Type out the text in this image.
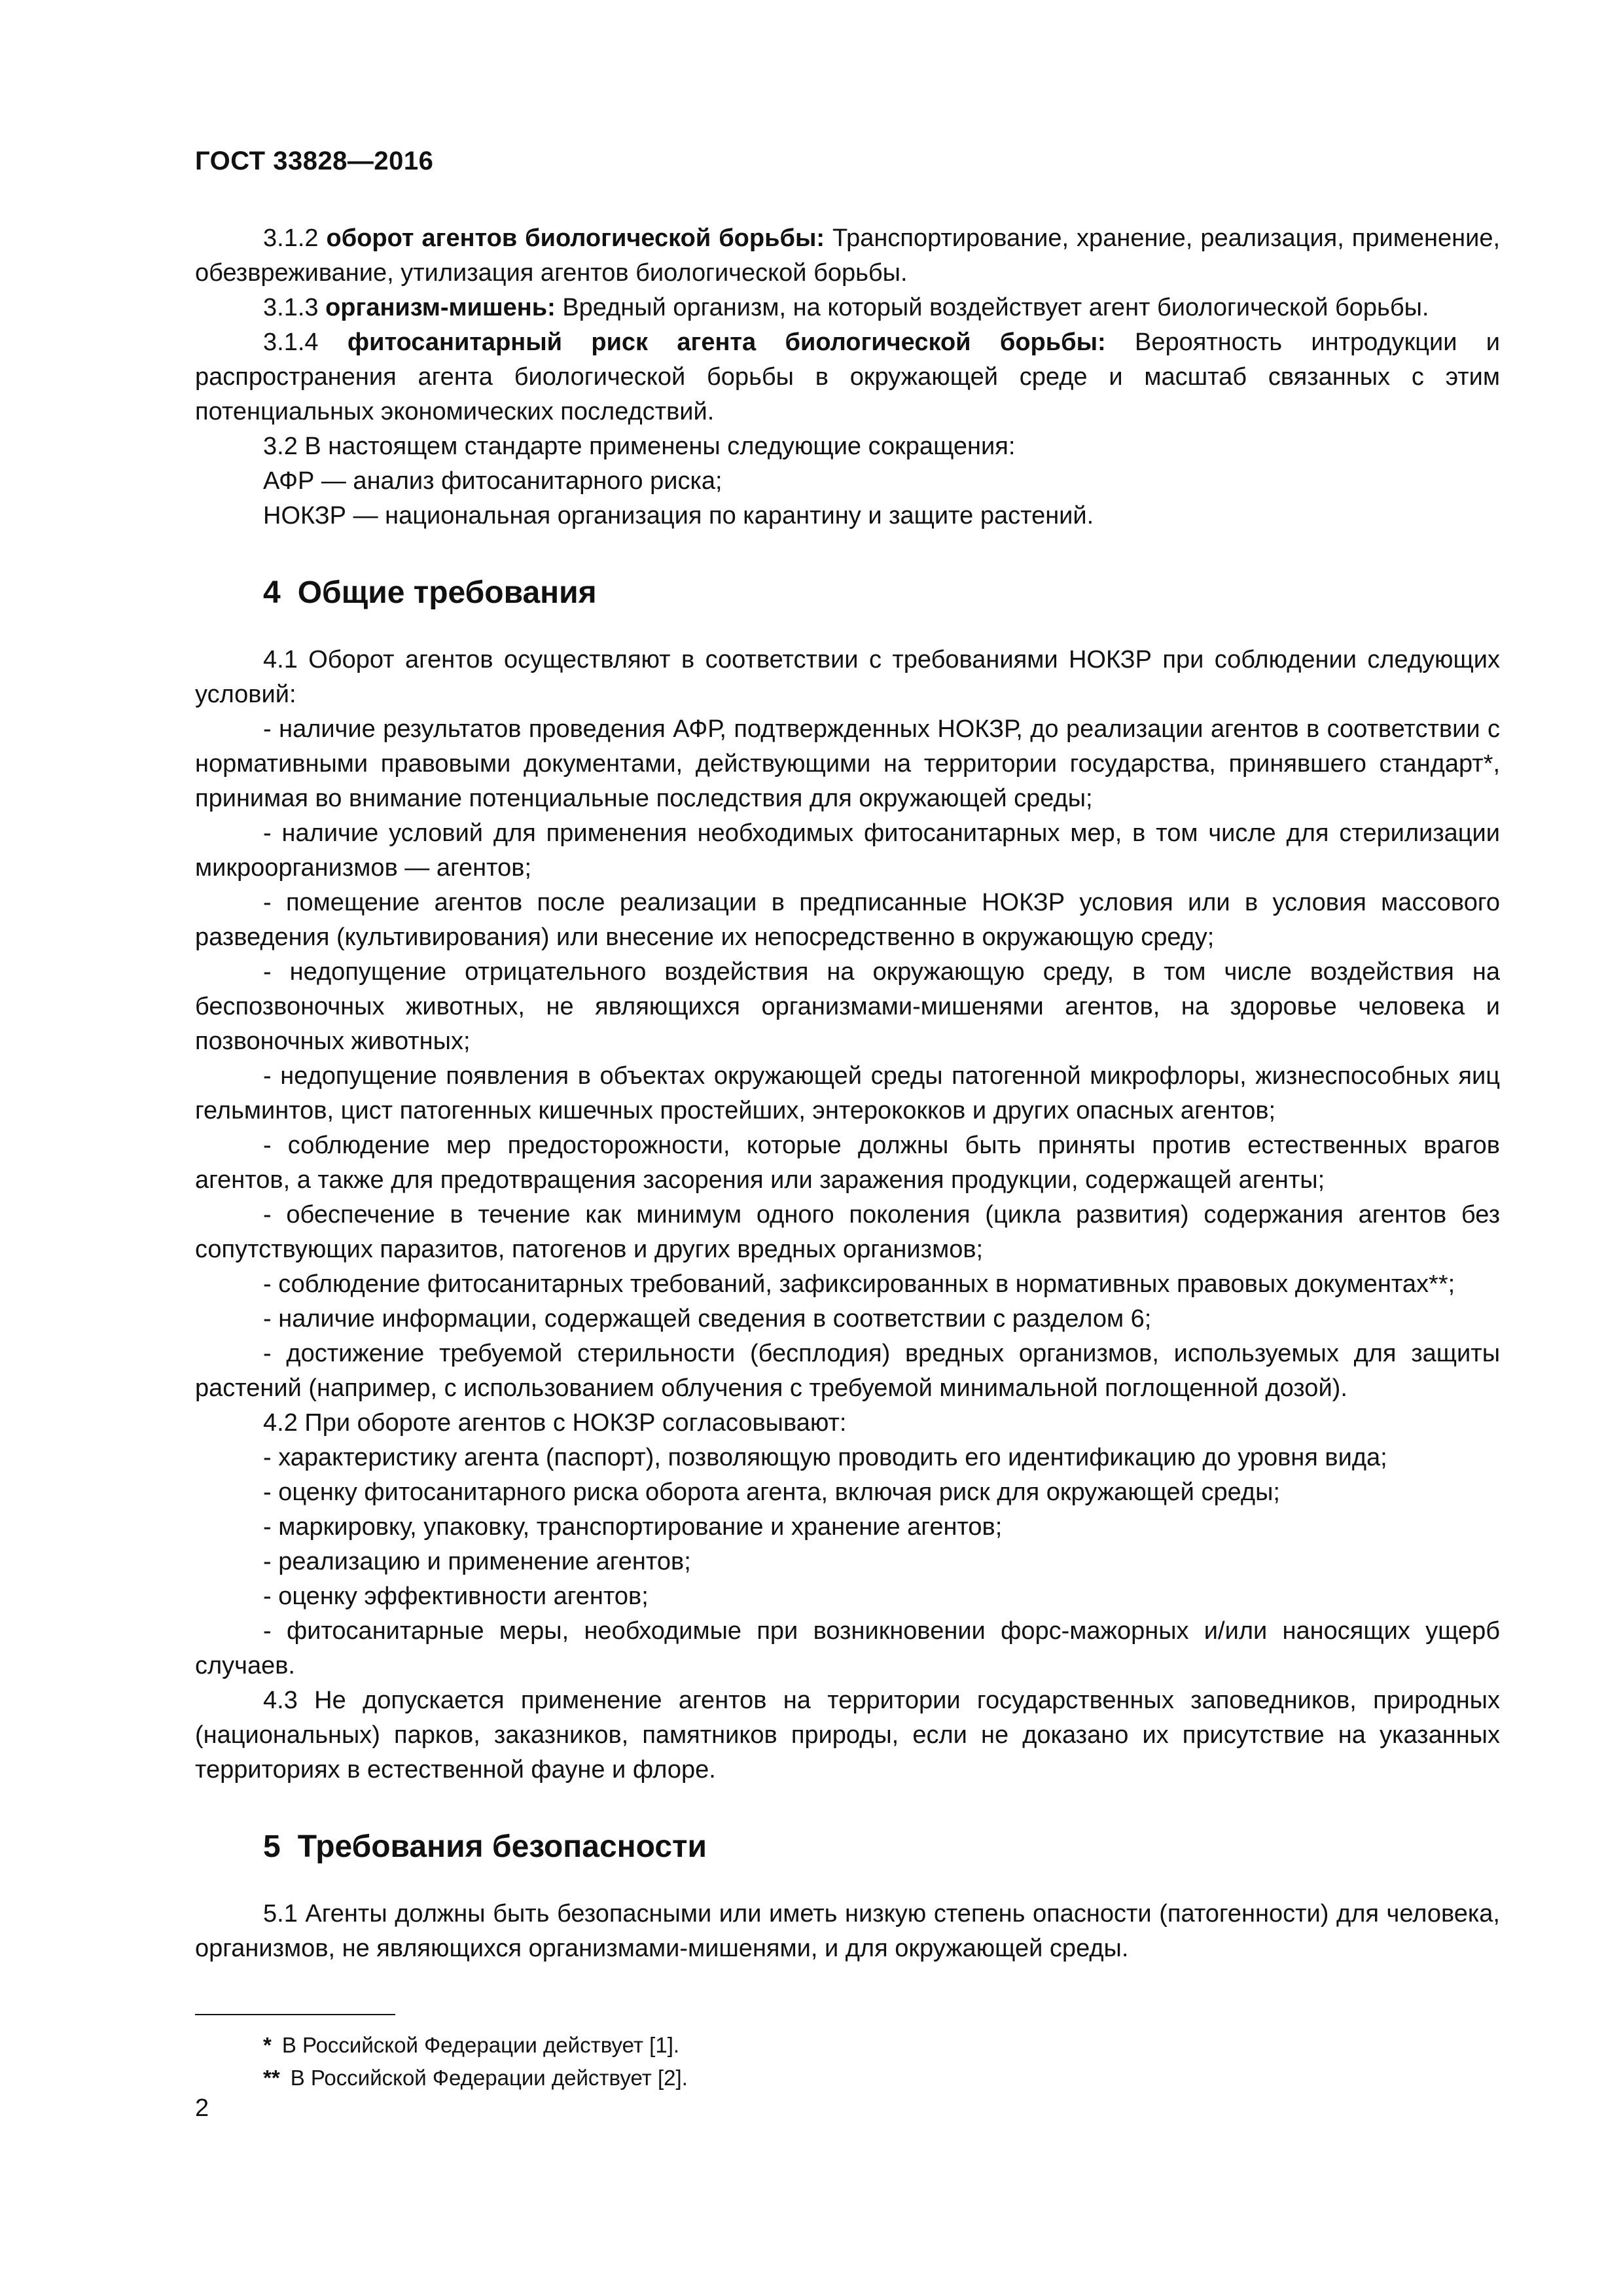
ГОСТ 33828—2016

3.1.2 оборот агентов биологической борьбы: Транспортирование, хранение, реализация, применение, обезвреживание, утилизация агентов биологической борьбы.

3.1.3 организм-мишень: Вредный организм, на который воздействует агент биологической борьбы.

3.1.4 фитосанитарный риск агента биологической борьбы: Вероятность интродукции и распространения агента биологической борьбы в окружающей среде и масштаб связанных с этим потенциальных экономических последствий.

3.2 В настоящем стандарте применены следующие сокращения:

АФР — анализ фитосанитарного риска;

НОКЗР — национальная организация по карантину и защите растений.

4 Общие требования

4.1 Оборот агентов осуществляют в соответствии с требованиями НОКЗР при соблюдении следующих условий:

- наличие результатов проведения АФР, подтвержденных НОКЗР, до реализации агентов в соответствии с нормативными правовыми документами, действующими на территории государства, принявшего стандарт*, принимая во внимание потенциальные последствия для окружающей среды;

- наличие условий для применения необходимых фитосанитарных мер, в том числе для стерилизации микроорганизмов — агентов;

- помещение агентов после реализации в предписанные НОКЗР условия или в условия массового разведения (культивирования) или внесение их непосредственно в окружающую среду;

- недопущение отрицательного воздействия на окружающую среду, в том числе воздействия на беспозвоночных животных, не являющихся организмами-мишенями агентов, на здоровье человека и позвоночных животных;

- недопущение появления в объектах окружающей среды патогенной микрофлоры, жизнеспособных яиц гельминтов, цист патогенных кишечных простейших, энтерококков и других опасных агентов;

- соблюдение мер предосторожности, которые должны быть приняты против естественных врагов агентов, а также для предотвращения засорения или заражения продукции, содержащей агенты;

- обеспечение в течение как минимум одного поколения (цикла развития) содержания агентов без сопутствующих паразитов, патогенов и других вредных организмов;

- соблюдение фитосанитарных требований, зафиксированных в нормативных правовых документах**;

- наличие информации, содержащей сведения в соответствии с разделом 6;

- достижение требуемой стерильности (бесплодия) вредных организмов, используемых для защиты растений (например, с использованием облучения с требуемой минимальной поглощенной дозой).

4.2 При обороте агентов с НОКЗР согласовывают:

- характеристику агента (паспорт), позволяющую проводить его идентификацию до уровня вида;

- оценку фитосанитарного риска оборота агента, включая риск для окружающей среды;

- маркировку, упаковку, транспортирование и хранение агентов;

- реализацию и применение агентов;

- оценку эффективности агентов;

- фитосанитарные меры, необходимые при возникновении форс-мажорных и/или наносящих ущерб случаев.

4.3 Не допускается применение агентов на территории государственных заповедников, природных (национальных) парков, заказников, памятников природы, если не доказано их присутствие на указанных территориях в естественной фауне и флоре.

5 Требования безопасности

5.1 Агенты должны быть безопасными или иметь низкую степень опасности (патогенности) для человека, организмов, не являющихся организмами-мишенями, и для окружающей среды.

* В Российской Федерации действует [1].
** В Российской Федерации действует [2].
2
